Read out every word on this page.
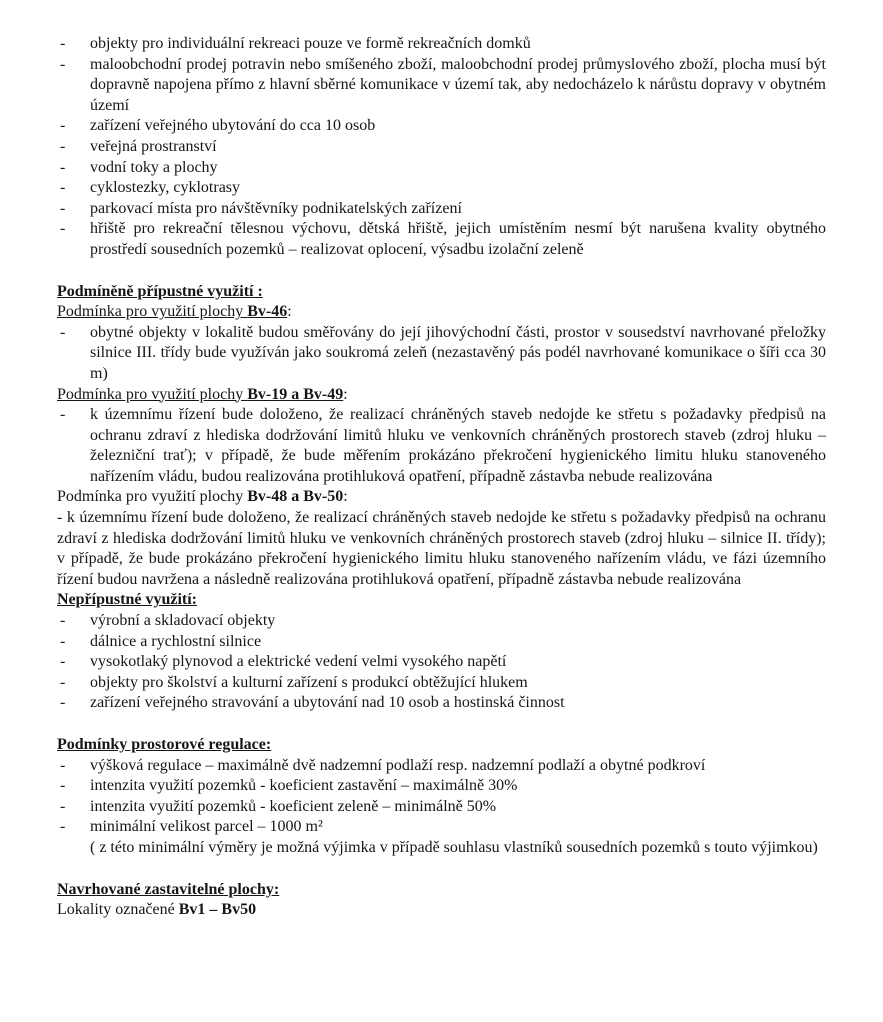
- objekty pro individuální rekreaci pouze ve formě rekreačních domků
- maloobchodní prodej potravin nebo smíšeného zboží, maloobchodní prodej průmyslového zboží, plocha musí být dopravně napojena přímo z hlavní sběrné komunikace v území tak, aby nedocházelo k nárůstu dopravy v obytném území
- zařízení veřejného ubytování do cca 10 osob
- veřejná prostranství
- vodní toky a plochy
- cyklostezky, cyklotrasy
- parkovací místa pro návštěvníky podnikatelských zařízení
- hřiště pro rekreační tělesnou výchovu, dětská hřiště, jejich umístěním nesmí být narušena kvality obytného prostředí sousedních pozemků – realizovat oplocení, výsadbu izolační zeleně
Podmíněně přípustné využití :

Podmínka pro využití plochy Bv-46:

- obytné objekty v lokalitě budou směřovány do její jihovýchodní části, prostor v sousedství navrhované přeložky silnice III. třídy bude využíván jako soukromá zeleň (nezastavěný pás podél navrhované komunikace o šíři cca 30 m)

Podmínka pro využití plochy Bv-19 a Bv-49:

- k územnímu řízení bude doloženo, že realizací chráněných staveb nedojde ke střetu s požadavky předpisů na ochranu zdraví z hlediska dodržování limitů hluku ve venkovních chráněných prostorech staveb (zdroj hluku – železniční trať); v případě, že bude měřením prokázáno překročení hygienického limitu hluku stanoveného nařízením vládu, budou realizována protihluková opatření, případně zástavba nebude realizována

Podmínka pro využití plochy Bv-48 a Bv-50:

- k územnímu řízení bude doloženo, že realizací chráněných staveb nedojde ke střetu s požadavky předpisů na ochranu zdraví z hlediska dodržování limitů hluku ve venkovních chráněných prostorech staveb (zdroj hluku – silnice II. třídy); v případě, že bude prokázáno překročení hygienického limitu hluku stanoveného nařízením vládu, ve fázi územního řízení budou navržena a následně realizována protihluková opatření, případně zástavba nebude realizována

Nepřípustné využití:
- výrobní a skladovací objekty
- dálnice a rychlostní silnice
- vysokotlaký plynovod a elektrické vedení velmi vysokého napětí
- objekty pro školství a kulturní zařízení s produkcí obtěžující hlukem
- zařízení veřejného stravování a ubytování nad 10 osob a hostinská činnost
Podmínky prostorové regulace:
- výšková regulace – maximálně dvě nadzemní podlaží resp. nadzemní podlaží a obytné podkroví
- intenzita využití pozemků - koeficient zastavění – maximálně 30%
- intenzita využití pozemků - koeficient zeleně – minimálně 50%
- minimální velikost parcel – 1000 m²
( z této minimální výměry je možná výjimka v případě souhlasu vlastníků sousedních pozemků s touto výjimkou)
Navrhované zastavitelné plochy:

Lokality označené Bv1 – Bv50
